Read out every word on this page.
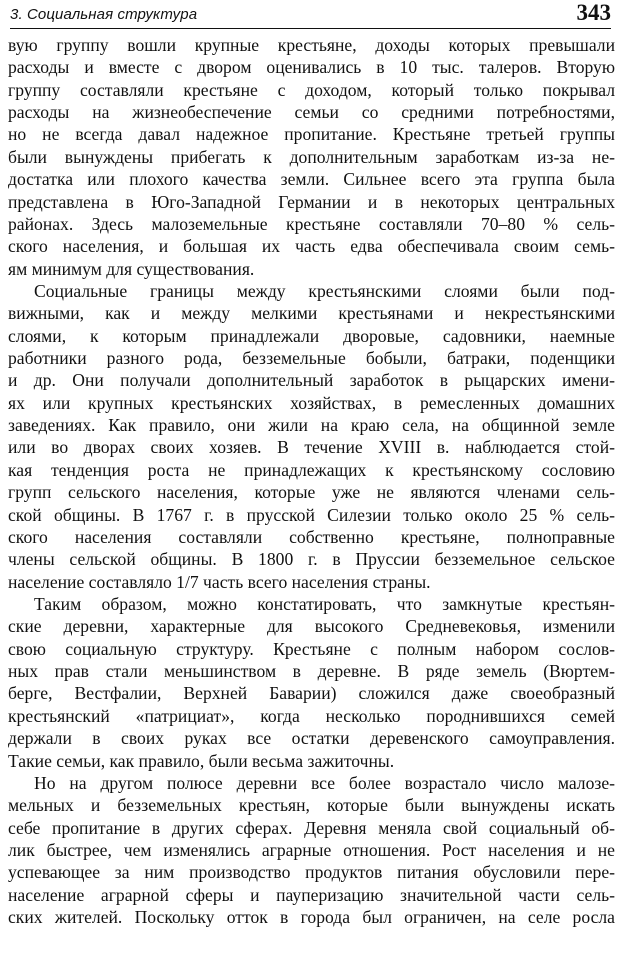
3. Социальная структура	343
вую группу вошли крупные крестьяне, доходы которых превышали
расходы и вместе с двором оценивались в 10 тыс. талеров. Вторую
группу составляли крестьяне с доходом, который только покрывал
расходы на жизнеобеспечение семьи со средними потребностями,
но не всегда давал надежное пропитание. Крестьяне третьей группы
были вынуждены прибегать к дополнительным заработкам из-за не-
достатка или плохого качества земли. Сильнее всего эта группа была
представлена в Юго-Западной Германии и в некоторых центральных
районах. Здесь малоземельные крестьяне составляли 70–80 % сель-
ского населения, и большая их часть едва обеспечивала своим семь-
ям минимум для существования.
Социальные границы между крестьянскими слоями были под-
вижными, как и между мелкими крестьянами и некрестьянскими
слоями, к которым принадлежали дворовые, садовники, наемные
работники разного рода, безземельные бобыли, батраки, поденщики
и др. Они получали дополнительный заработок в рыцарских имени-
ях или крупных крестьянских хозяйствах, в ремесленных домашних
заведениях. Как правило, они жили на краю села, на общинной земле
или во дворах своих хозяев. В течение XVIII в. наблюдается стой-
кая тенденция роста не принадлежащих к крестьянскому сословию
групп сельского населения, которые уже не являются членами сель-
ской общины. В 1767 г. в прусской Силезии только около 25 % сель-
ского населения составляли собственно крестьяне, полноправные
члены сельской общины. В 1800 г. в Пруссии безземельное сельское
население составляло 1/7 часть всего населения страны.
Таким образом, можно констатировать, что замкнутые крестьян-
ские деревни, характерные для высокого Средневековья, изменили
свою социальную структуру. Крестьяне с полным набором сослов-
ных прав стали меньшинством в деревне. В ряде земель (Вюртем-
берге, Вестфалии, Верхней Баварии) сложился даже своеобразный
крестьянский «патрициат», когда несколько породнившихся семей
держали в своих руках все остатки деревенского самоуправления.
Такие семьи, как правило, были весьма зажиточны.
Но на другом полюсе деревни все более возрастало число малозе-
мельных и безземельных крестьян, которые были вынуждены искать
себе пропитание в других сферах. Деревня меняла свой социальный об-
лик быстрее, чем изменялись аграрные отношения. Рост населения и не
успевающее за ним производство продуктов питания обусловили пере-
население аграрной сферы и пауперизацию значительной части сель-
ских жителей. Поскольку отток в города был ограничен, на селе росла
